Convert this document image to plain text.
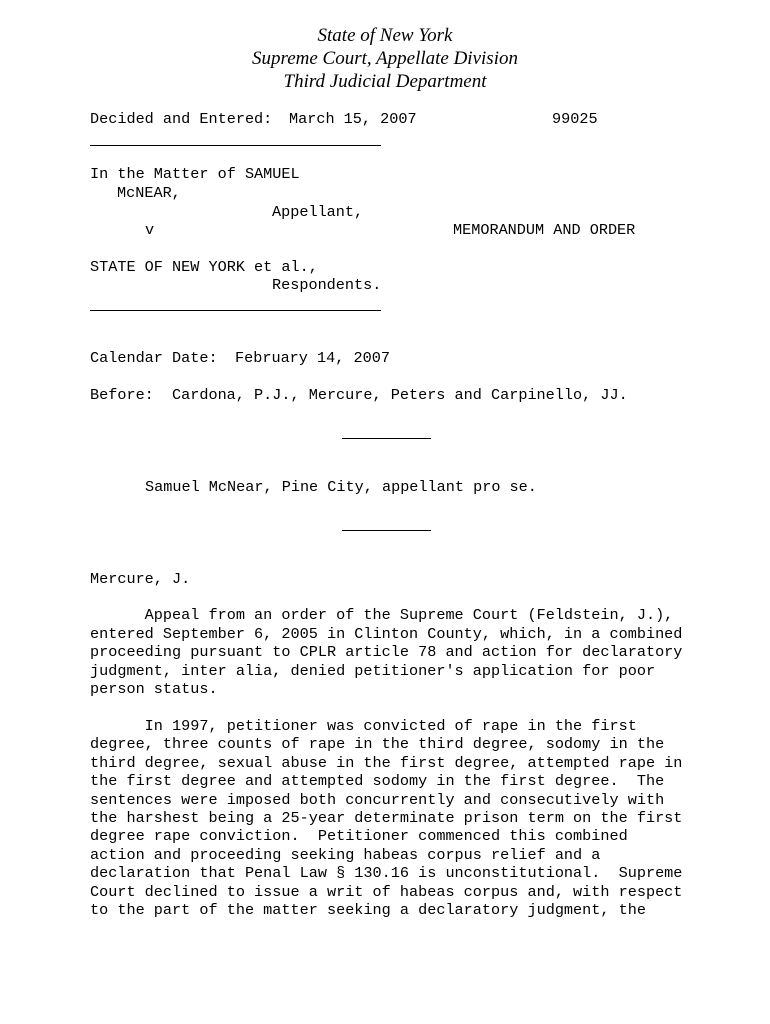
State of New York
Supreme Court, Appellate Division
Third Judicial Department
Decided and Entered: March 15, 2007	99025
In the Matter of SAMUEL
McNEAR,
Appellant,
v	MEMORANDUM AND ORDER
STATE OF NEW YORK et al.,
Respondents.
Calendar Date: February 14, 2007
Before: Cardona, P.J., Mercure, Peters and Carpinello, JJ.
Samuel McNear, Pine City, appellant pro se.
Mercure, J.
Appeal from an order of the Supreme Court (Feldstein, J.),
entered September 6, 2005 in Clinton County, which, in a combined
proceeding pursuant to CPLR article 78 and action for declaratory
judgment, inter alia, denied petitioner's application for poor
person status.
In 1997, petitioner was convicted of rape in the first
degree, three counts of rape in the third degree, sodomy in the
third degree, sexual abuse in the first degree, attempted rape in
the first degree and attempted sodomy in the first degree.  The
sentences were imposed both concurrently and consecutively with
the harshest being a 25-year determinate prison term on the first
degree rape conviction.  Petitioner commenced this combined
action and proceeding seeking habeas corpus relief and a
declaration that Penal Law § 130.16 is unconstitutional.  Supreme
Court declined to issue a writ of habeas corpus and, with respect
to the part of the matter seeking a declaratory judgment, the
